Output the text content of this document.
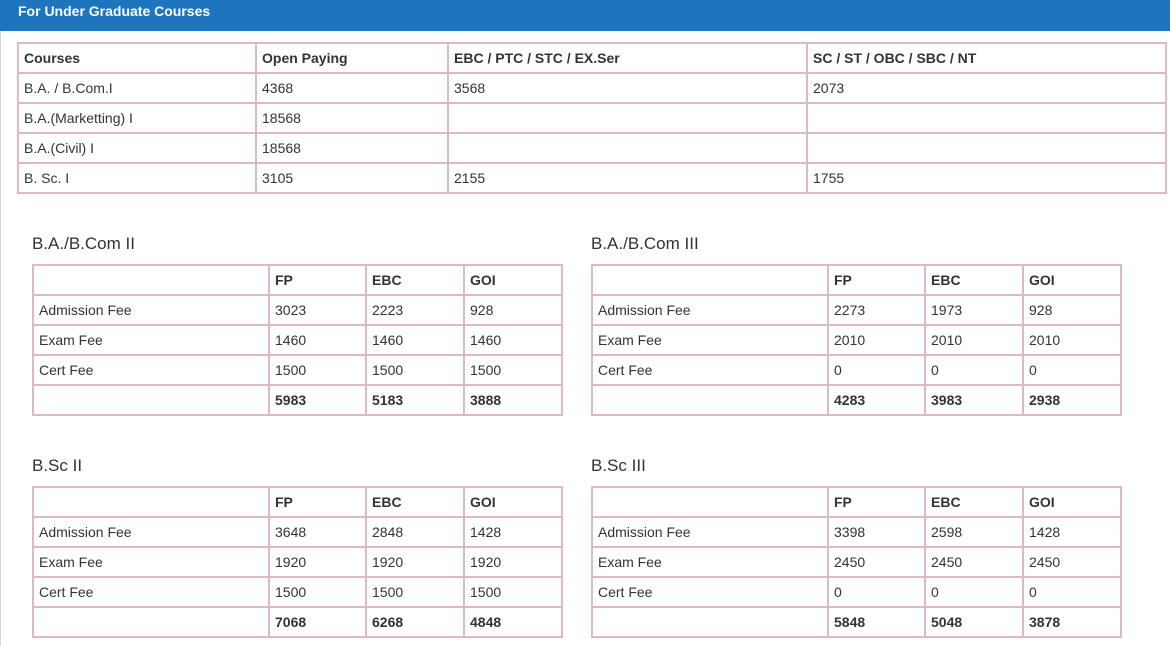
For Under Graduate Courses
Courses	Open Paying	EBC / PTC / STC / EX.Ser	SC / ST / OBC / SBC / NT
B.A. / B.Com.I	4368	3568	2073
B.A.(Marketting) I	18568		
B.A.(Civil) I	18568		
B. Sc. I	3105	2155	1755
B.A./B.Com II
	FP	EBC	GOI
Admission Fee	3023	2223	928
Exam Fee	1460	1460	1460
Cert Fee	1500	1500	1500
	5983	5183	3888
B.A./B.Com III
	FP	EBC	GOI
Admission Fee	2273	1973	928
Exam Fee	2010	2010	2010
Cert Fee	0	0	0
	4283	3983	2938
B.Sc II
	FP	EBC	GOI
Admission Fee	3648	2848	1428
Exam Fee	1920	1920	1920
Cert Fee	1500	1500	1500
	7068	6268	4848
B.Sc III
	FP	EBC	GOI
Admission Fee	3398	2598	1428
Exam Fee	2450	2450	2450
Cert Fee	0	0	0
	5848	5048	3878
